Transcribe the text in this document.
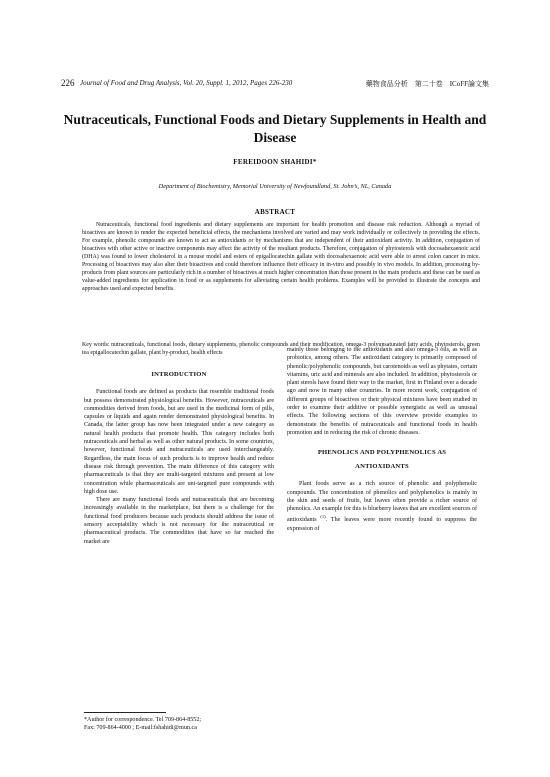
226 Journal of Food and Drug Analysis, Vol. 20, Suppl. 1, 2012, Pages 226-230	藥物食品分析　第二十卷　ICoFF論文集
Nutraceuticals, Functional Foods and Dietary Supplements in Health and Disease
FEREIDOON SHAHIDI*
Department of Biochemistry, Memorial University of Newfoundland, St. John’s, NL, Canada
ABSTRACT
Nutraceuticals, functional food ingredients and dietary supplements are important for health promotion and disease risk reduction. Although a myriad of bioactives are known to render the expected beneficial effects, the mechanisms involved are varied and may work individually or collectively in providing the effects. For example, phenolic compounds are known to act as antioxidants or by mechanisms that are independent of their antioxidant activity. In addition, conjugation of bioactives with other active or inactive components may affect the activity of the resultant products. Therefore, conjugation of phytosterols with docosahexaenoic acid (DHA) was found to lower cholesterol in a mouse model and esters of epigallocatechin gallate with docosahexaenoic acid were able to arrest colon cancer in mice. Processing of bioactives may also alter their bioactives and could therefore influence their efficacy in in-vitro and possibly in vivo models. In addition, processing by-products from plant sources are particularly rich in a number of bioactives at much higher concentration than those present in the main products and these can be used as value-added ingredients for application in food or as supplements for alleviating certain health problems. Examples will be provided to illustrate the concepts and approaches used and expected benefits.
Key words: nutraceuticals, functional foods, dietary supplements, phenolic compounds and their modification, omega-3 polyunsaturated fatty acids, phytosterols, green tea epigallocatechin gallate, plant by-product, health effects
INTRODUCTION

Functional foods are defined as products that resemble traditional foods but possess demonstrated physiological benefits. However, nutraceuticals are commodities derived from foods, but are used in the medicinal form of pills, capsules or liquids and again render demonstrated physiological benefits. In Canada, the latter group has now been integrated under a new category as natural health products that promote health. This category includes both nutraceuticals and herbal as well as other natural products. In some countries, however, functional foods and nutraceuticals are used interchangeably. Regardless, the main focus of such products is to improve health and reduce disease risk through prevention. The main difference of this category with pharmaceuticals is that they are multi-targeted mixtures and present at low concentration while pharmaceuticals are uni-targeted pure compounds with high dose use.

There are many functional foods and nutraceuticals that are becoming increasingly available in the marketplace, but there is a challenge for the functional food producers because such products should address the issue of sensory acceptability which is not necessary for the nutraceutical or pharmaceutical products. The commodities that have so far reached the market are

mainly those belonging to the antioxidants and also omega-3 oils, as well as probiotics, among others. The antioxidant category is primarily composed of phenolic/polyphenolic compounds, but carotenoids as well as phytates, certain vitamins, uric acid and minerals are also included. In addition, phytosterols or plant sterols have found their way to the market, first in Finland over a decade ago and now in many other countries. In more recent work, conjugation of different groups of bioactives or their physical mixtures have been studied in order to examine their additive or possible synergistic as well as unusual effects. The following sections of this overview provide examples to demonstrate the benefits of nutraceuticals and functional foods in health promotion and in reducing the risk of chronic diseases.

PHENOLICS AND POLYPHENOLICS AS
ANTIOXIDANTS

Plant foods serve as a rich source of phenolic and polyphenolic compounds. The concentration of phenolics and polyphenolics is mainly in the skin and seeds of fruits, but leaves often provide a richer source of phenolics. An example for this is blueberry leaves that are excellent sources of antioxidants $^{(1)}$. The leaves were more recently found to suppress the expression of

*Author for correspondence. Tel 709-864-8552;
Fax: 709-864-4000 ; E-mail:fshahidi@mun.ca
